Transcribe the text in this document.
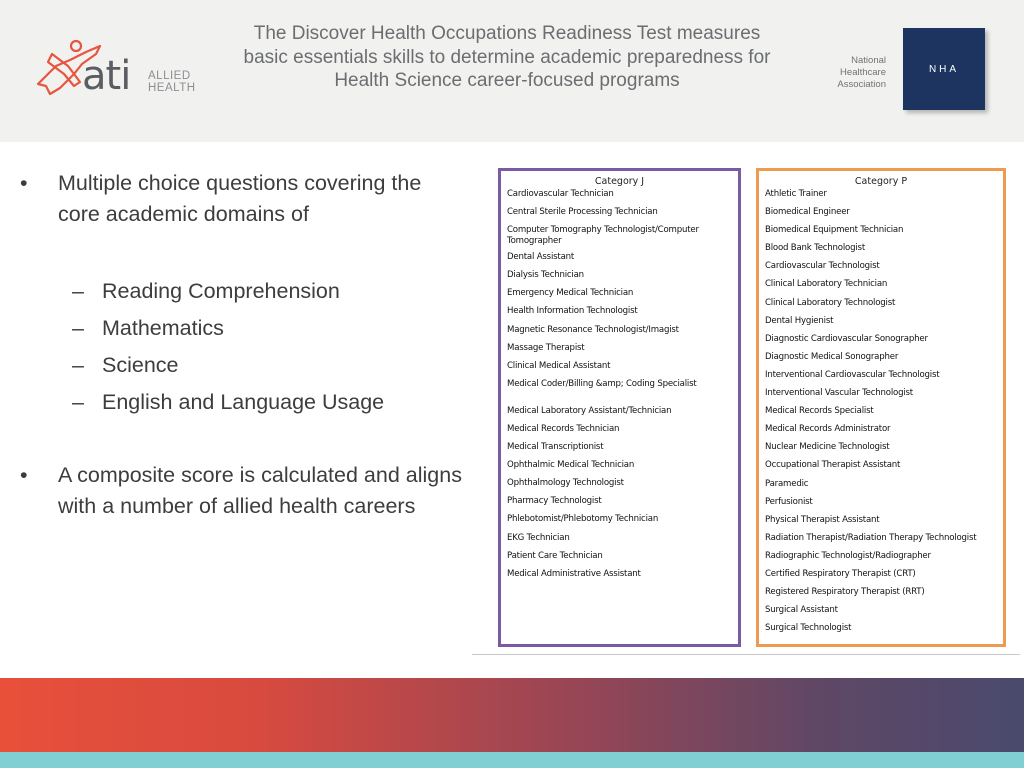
ati ALLIED
HEALTH
The Discover Health Occupations Readiness Test measures basic essentials skills to determine academic preparedness for Health Science career-focused programs
National
Healthcare
Association
NHA
• Multiple choice questions covering the core academic domains of
– Reading Comprehension
– Mathematics
– Science
– English and Language Usage
• A composite score is calculated and aligns with a number of allied health careers
Category J
Cardiovascular Technician
Central Sterile Processing Technician
Computer Tomography Technologist/Computer Tomographer
Dental Assistant
Dialysis Technician
Emergency Medical Technician
Health Information Technologist
Magnetic Resonance Technologist/Imagist
Massage Therapist
Clinical Medical Assistant
Medical Coder/Billing &amp; Coding Specialist
Medical Laboratory Assistant/Technician
Medical Records Technician
Medical Transcriptionist
Ophthalmic Medical Technician
Ophthalmology Technologist
Pharmacy Technologist
Phlebotomist/Phlebotomy Technician
EKG Technician
Patient Care Technician
Medical Administrative Assistant
Category P
Athletic Trainer
Biomedical Engineer
Biomedical Equipment Technician
Blood Bank Technologist
Cardiovascular Technologist
Clinical Laboratory Technician
Clinical Laboratory Technologist
Dental Hygienist
Diagnostic Cardiovascular Sonographer
Diagnostic Medical Sonographer
Interventional Cardiovascular Technologist
Interventional Vascular Technologist
Medical Records Specialist
Medical Records Administrator
Nuclear Medicine Technologist
Occupational Therapist Assistant
Paramedic
Perfusionist
Physical Therapist Assistant
Radiation Therapist/Radiation Therapy Technologist
Radiographic Technologist/Radiographer
Certified Respiratory Therapist (CRT)
Registered Respiratory Therapist (RRT)
Surgical Assistant
Surgical Technologist
